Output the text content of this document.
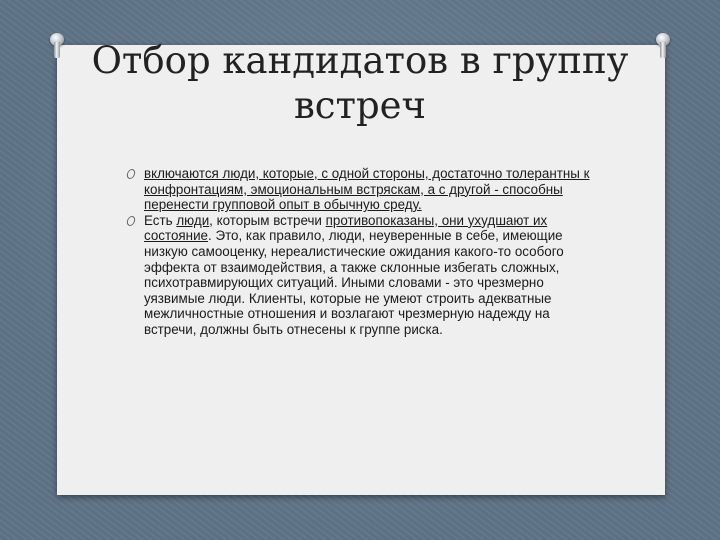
Отбор кандидатов в группу
встреч
включаются люди, которые, с одной стороны, достаточно толерантны к конфронтациям, эмоциональным встряскам, а с другой - способны перенести групповой опыт в обычную среду.
Есть люди, которым встречи противопоказаны, они ухудшают их состояние. Это, как правило, люди, неуверенные в себе, имеющие низкую самооценку, нереалистические ожидания какого-то особого эффекта от взаимодействия, а также склонные избегать сложных, психотравмирующих ситуаций. Иными словами - это чрезмерно уязвимые люди. Клиенты, которые не умеют строить адекватные межличностные отношения и возлагают чрезмерную надежду на встречи, должны быть отнесены к группе риска.
